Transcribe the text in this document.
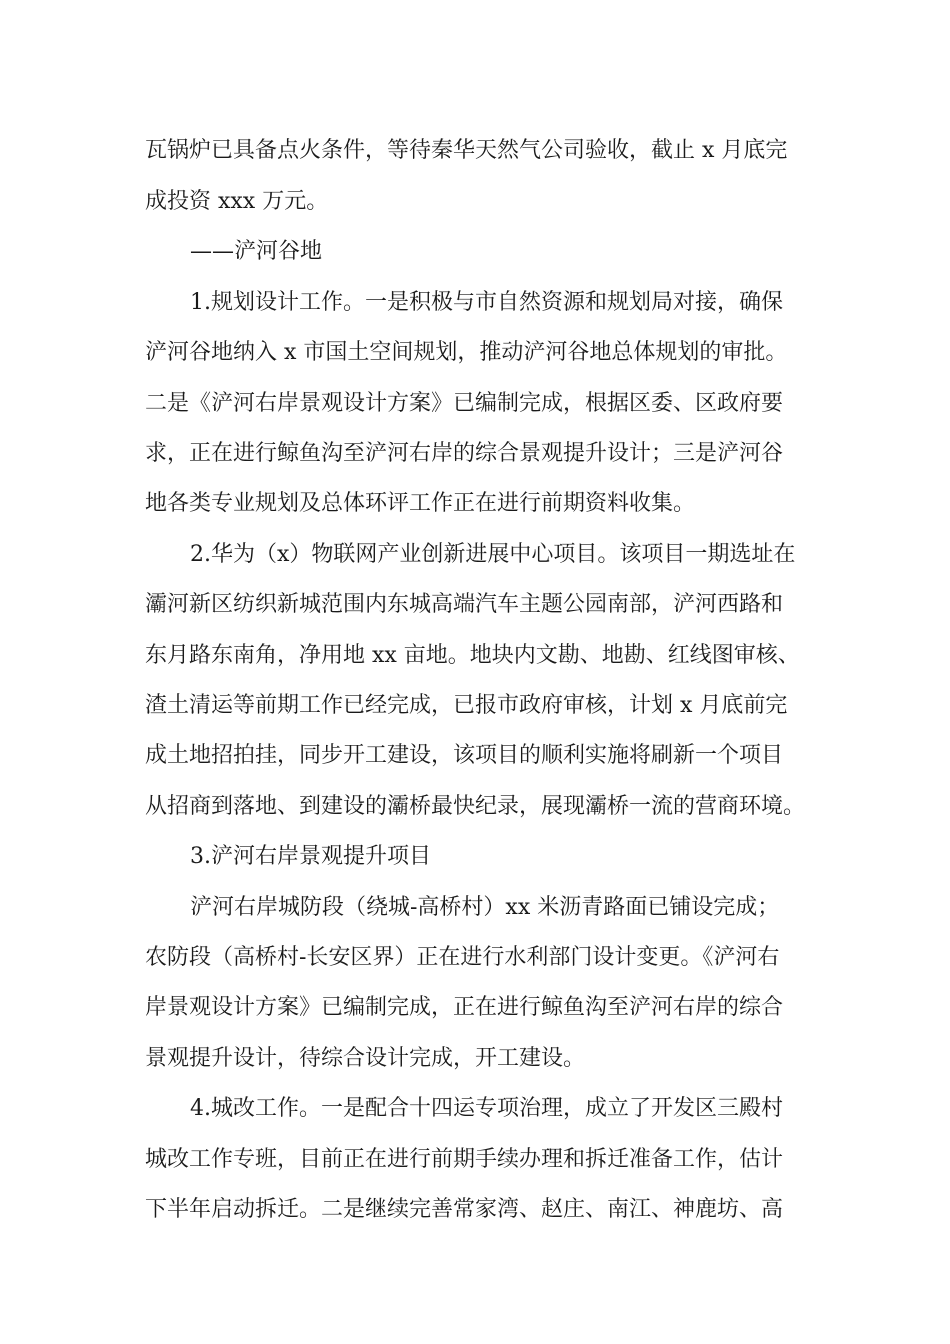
瓦锅炉已具备点火条件，等待秦华天然气公司验收，截止 x 月底完
成投资 xxx 万元。
——浐河谷地
1.规划设计工作。一是积极与市自然资源和规划局对接，确保
浐河谷地纳入 x 市国土空间规划，推动浐河谷地总体规划的审批。
二是《浐河右岸景观设计方案》已编制完成，根据区委、区政府要
求，正在进行鲸鱼沟至浐河右岸的综合景观提升设计；三是浐河谷
地各类专业规划及总体环评工作正在进行前期资料收集。
2.华为（x）物联网产业创新进展中心项目。该项目一期选址在
灞河新区纺织新城范围内东城高端汽车主题公园南部，浐河西路和
东月路东南角，净用地 xx 亩地。地块内文勘、地勘、红线图审核、
渣土清运等前期工作已经完成，已报市政府审核，计划 x 月底前完
成土地招拍挂，同步开工建设，该项目的顺利实施将刷新一个项目
从招商到落地、到建设的灞桥最快纪录，展现灞桥一流的营商环境。
3.浐河右岸景观提升项目
浐河右岸城防段（绕城-高桥村）xx 米沥青路面已铺设完成；
农防段（高桥村-长安区界）正在进行水利部门设计变更。《浐河右
岸景观设计方案》已编制完成，正在进行鲸鱼沟至浐河右岸的综合
景观提升设计，待综合设计完成，开工建设。
4.城改工作。一是配合十四运专项治理，成立了开发区三殿村
城改工作专班，目前正在进行前期手续办理和拆迁准备工作，估计
下半年启动拆迁。二是继续完善常家湾、赵庄、南江、神鹿坊、高
